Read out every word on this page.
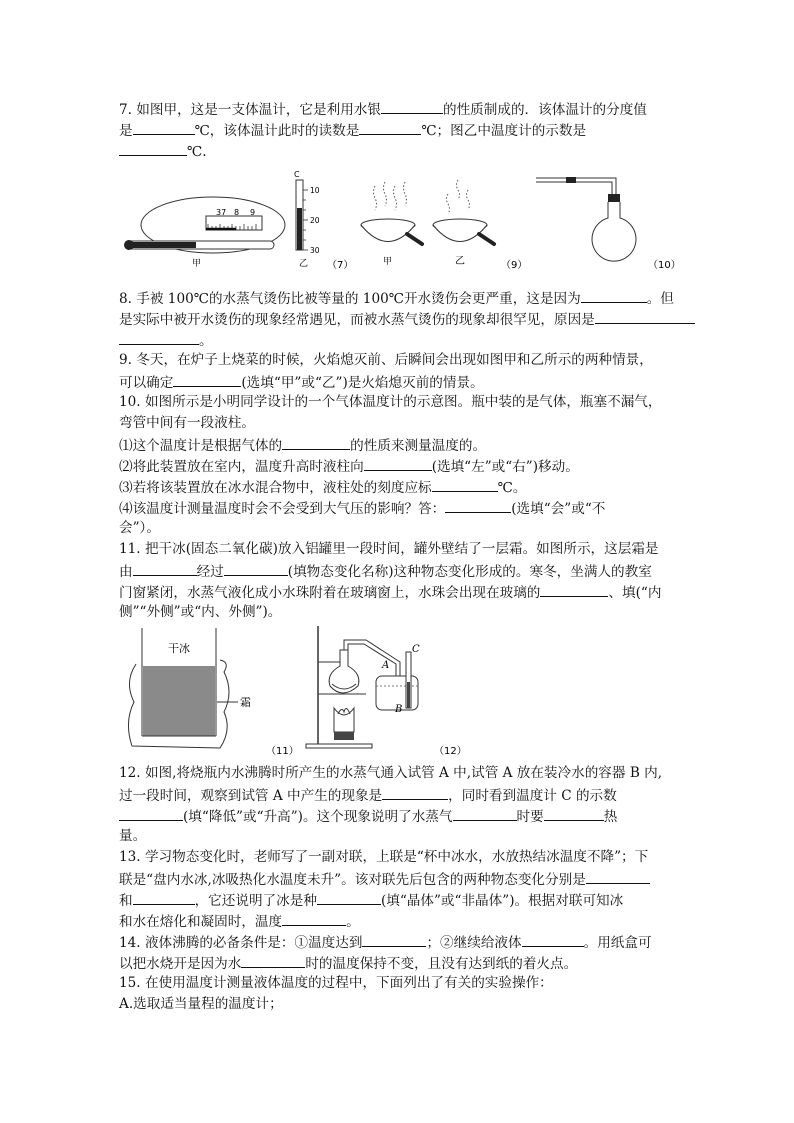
7. 如图甲，这是一支体温计，它是利用水银	的性质制成的．该体温计的分度值
是	℃，该体温计此时的读数是	℃；图乙中温度计的示数是
℃.
37 8 9
甲
C
10
20
30
乙 （7）	甲	乙	（9）	（10）
8. 手被 100℃的水蒸气烫伤比被等量的 100℃开水烫伤会更严重，这是因为	。但
是实际中被开水烫伤的现象经常遇见，而被水蒸气烫伤的现象却很罕见，原因是
。
9. 冬天，在炉子上烧菜的时候，火焰熄灭前、后瞬间会出现如图甲和乙所示的两种情景，
可以确定	(选填“甲”或“乙”)是火焰熄灭前的情景。
10. 如图所示是小明同学设计的一个气体温度计的示意图。瓶中装的是气体，瓶塞不漏气，
弯管中间有一段液柱。
⑴这个温度计是根据气体的	的性质来测量温度的。
⑵将此装置放在室内，温度升高时液柱向	(选填“左”或“右”)移动。
⑶若将该装置放在冰水混合物中，液柱处的刻度应标	℃。
⑷该温度计测量温度时会不会受到大气压的影响？答：	(选填“会”或“不
会”）。
11. 把干冰(固态二氧化碳)放入铝罐里一段时间，罐外壁结了一层霜。如图所示，这层霜是
由	经过	(填物态变化名称)这种物态变化形成的。寒冬，坐满人的教室
门窗紧闭，水蒸气液化成小水珠附着在玻璃窗上，水珠会出现在玻璃的	、填(“内
侧”“外侧”或“内、外侧”)。
干冰
霜
（11）
A
B
C
（12）
12. 如图,将烧瓶内水沸腾时所产生的水蒸气通入试管 A 中,试管 A 放在装冷水的容器 B 内,
过一段时间，观察到试管 A 中产生的现象是	，同时看到温度计 C 的示数
(填“降低”或“升高”)。这个现象说明了水蒸气	时要	热
量。
13. 学习物态变化时，老师写了一副对联，上联是“杯中冰水，水放热结冰温度不降”；下
联是“盘内水冰,冰吸热化水温度未升”。该对联先后包含的两种物态变化分别是
和	，它还说明了冰是种	(填“晶体”或“非晶体”)。根据对联可知冰
和水在熔化和凝固时，温度	。
14. 液体沸腾的必备条件是：①温度达到	；②继续给液体	。用纸盒可
以把水烧开是因为水	时的温度保持不变，且没有达到纸的着火点。
15. 在使用温度计测量液体温度的过程中，下面列出了有关的实验操作：
A.选取适当量程的温度计；
